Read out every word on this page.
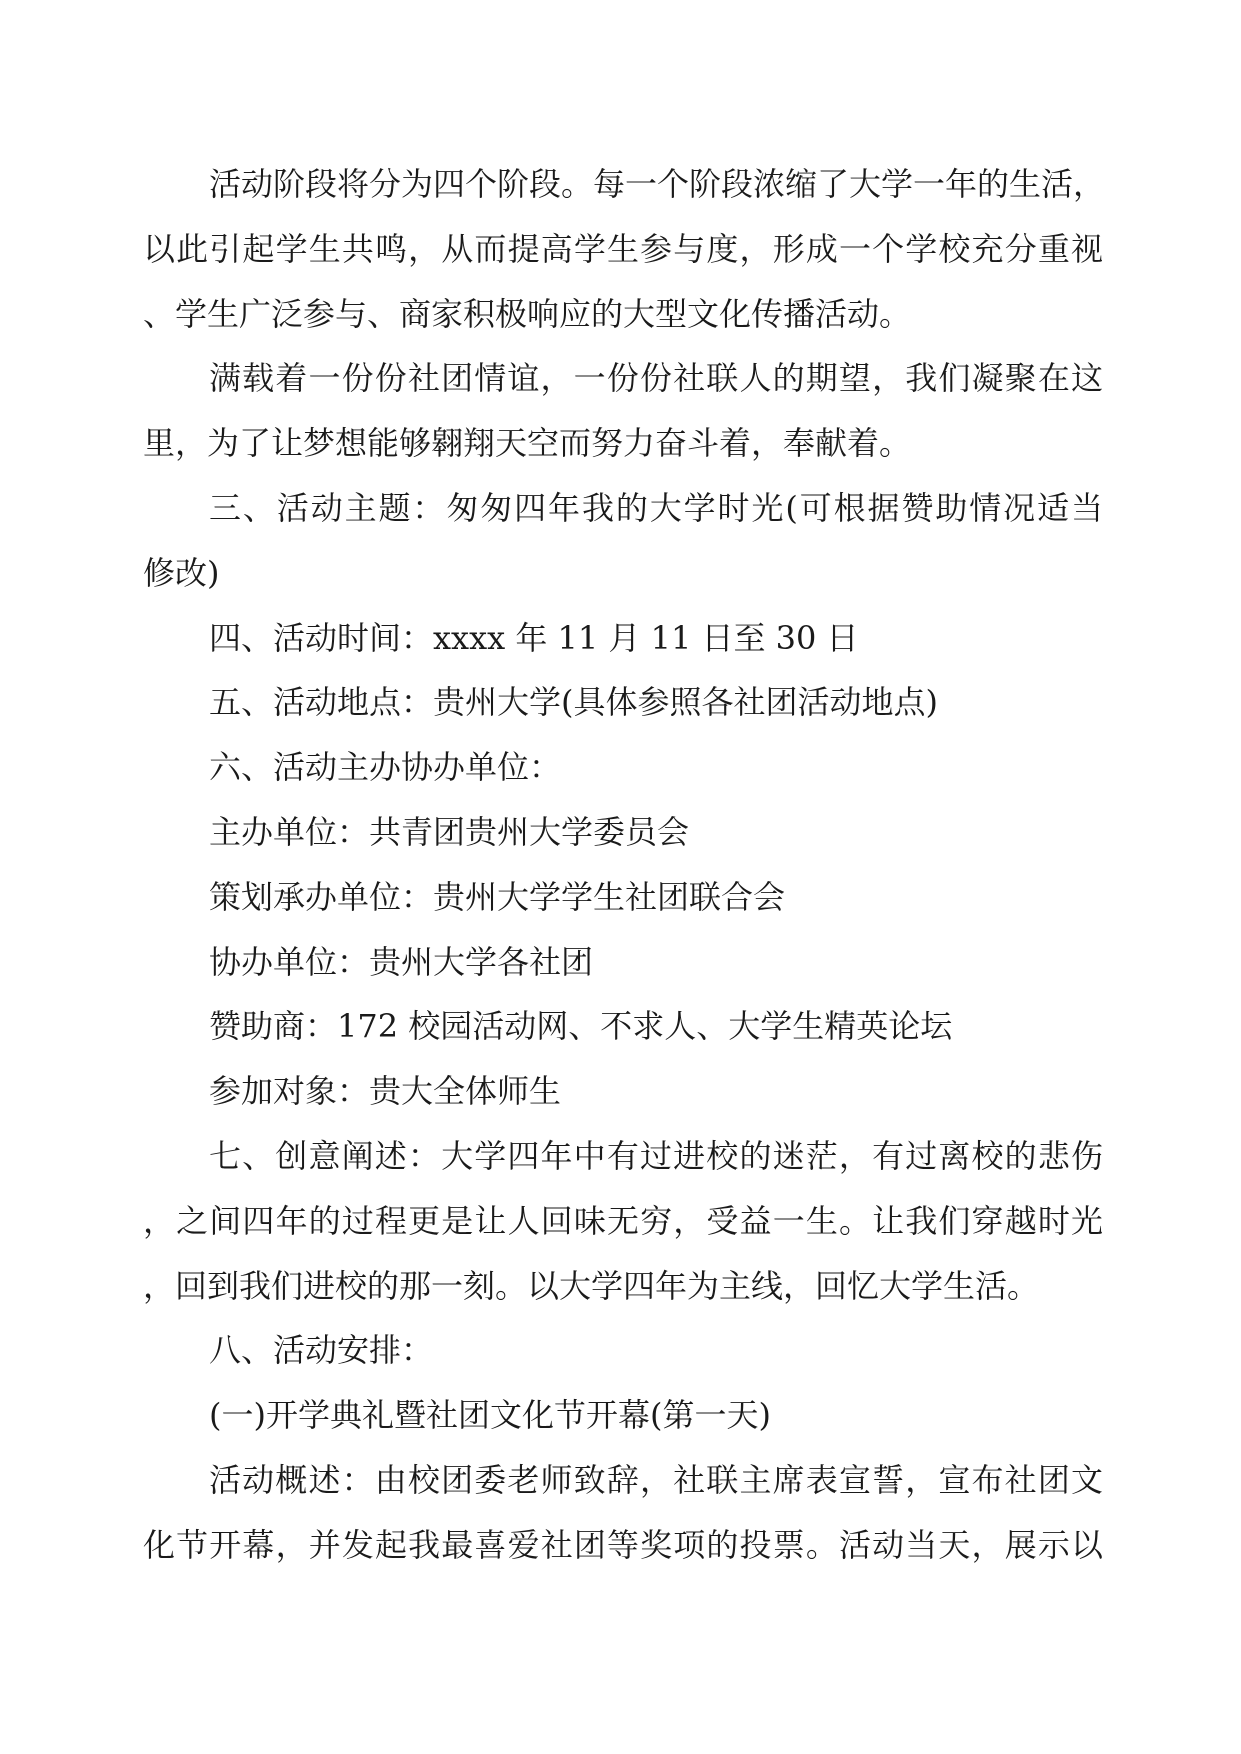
活动阶段将分为四个阶段。每一个阶段浓缩了大学一年的生活，
以此引起学生共鸣，从而提高学生参与度，形成一个学校充分重视
、学生广泛参与、商家积极响应的大型文化传播活动。
满载着一份份社团情谊，一份份社联人的期望，我们凝聚在这
里，为了让梦想能够翱翔天空而努力奋斗着，奉献着。
三、活动主题：匆匆四年我的大学时光(可根据赞助情况适当
修改)
四、活动时间：xxxx 年 11 月 11 日至 30 日
五、活动地点：贵州大学(具体参照各社团活动地点)
六、活动主办协办单位：
主办单位：共青团贵州大学委员会
策划承办单位：贵州大学学生社团联合会
协办单位：贵州大学各社团
赞助商：172 校园活动网、不求人、大学生精英论坛
参加对象：贵大全体师生
七、创意阐述：大学四年中有过进校的迷茫，有过离校的悲伤
，之间四年的过程更是让人回味无穷，受益一生。让我们穿越时光
，回到我们进校的那一刻。以大学四年为主线，回忆大学生活。
八、活动安排：
(一)开学典礼暨社团文化节开幕(第一天)
活动概述：由校团委老师致辞，社联主席表宣誓，宣布社团文
化节开幕，并发起我最喜爱社团等奖项的投票。活动当天，展示以
